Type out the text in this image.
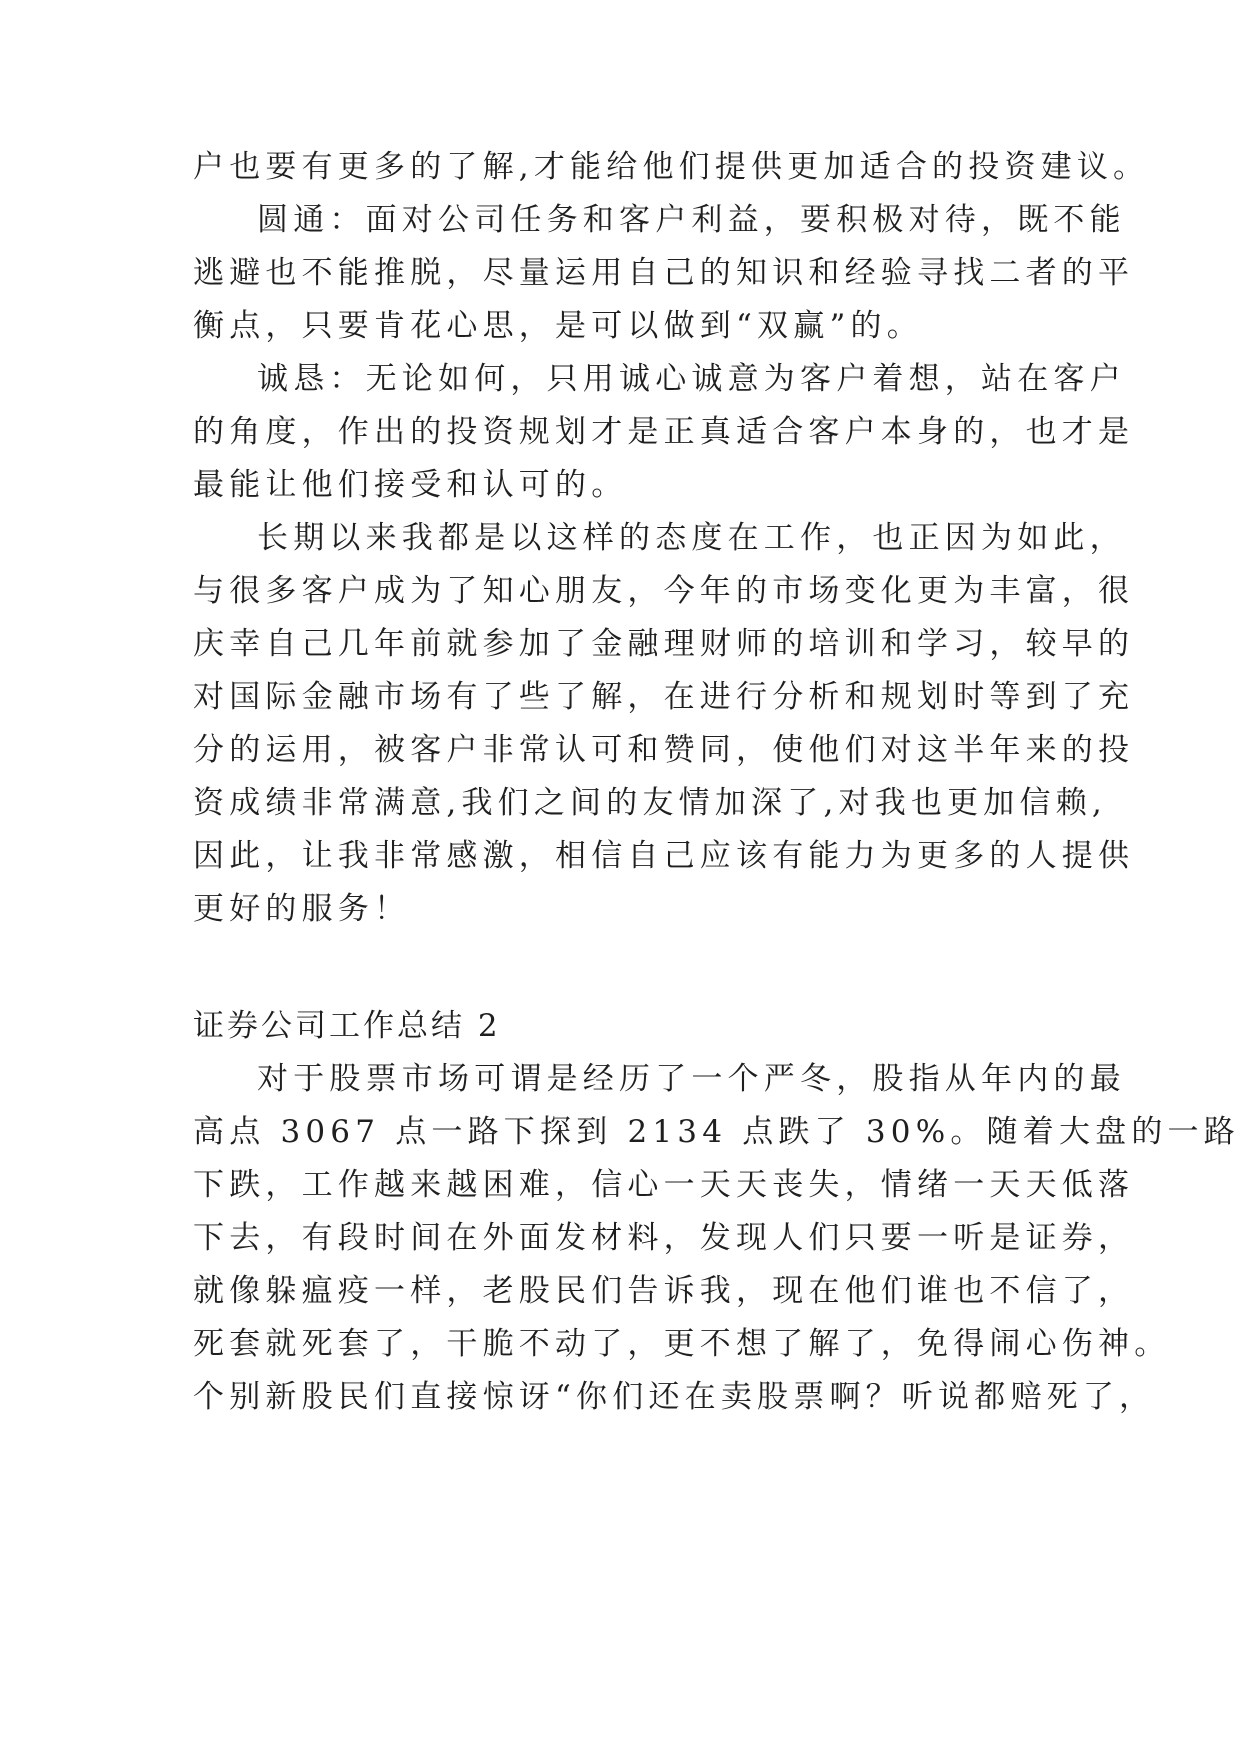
户也要有更多的了解,才能给他们提供更加适合的投资建议。
圆通：面对公司任务和客户利益，要积极对待，既不能
逃避也不能推脱，尽量运用自己的知识和经验寻找二者的平
衡点，只要肯花心思，是可以做到“双赢”的。
诚恳：无论如何，只用诚心诚意为客户着想，站在客户
的角度，作出的投资规划才是正真适合客户本身的，也才是
最能让他们接受和认可的。
长期以来我都是以这样的态度在工作，也正因为如此，
与很多客户成为了知心朋友，今年的市场变化更为丰富，很
庆幸自己几年前就参加了金融理财师的培训和学习，较早的
对国际金融市场有了些了解，在进行分析和规划时等到了充
分的运用，被客户非常认可和赞同，使他们对这半年来的投
资成绩非常满意,我们之间的友情加深了,对我也更加信赖,
因此，让我非常感激，相信自己应该有能力为更多的人提供
更好的服务！
证券公司工作总结 2
对于股票市场可谓是经历了一个严冬，股指从年内的最
高点 3067 点一路下探到 2134 点跌了 30%。随着大盘的一路
下跌，工作越来越困难，信心一天天丧失，情绪一天天低落
下去，有段时间在外面发材料，发现人们只要一听是证券，
就像躲瘟疫一样，老股民们告诉我，现在他们谁也不信了，
死套就死套了，干脆不动了，更不想了解了，免得闹心伤神。
个别新股民们直接惊讶“你们还在卖股票啊？听说都赔死了，
